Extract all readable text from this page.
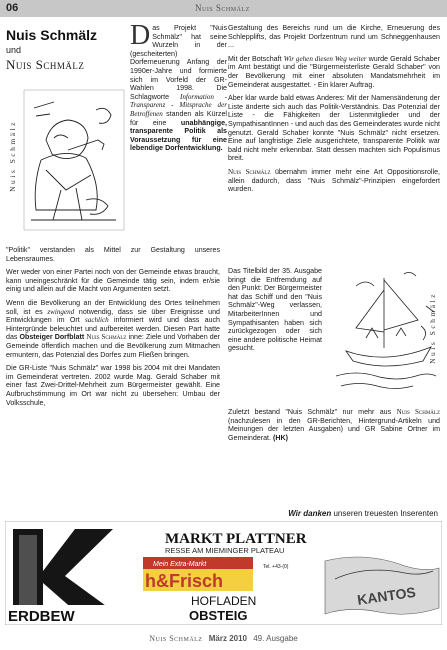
06	Nuis Schmälz
Nuis Schmälz
und
Nuis Schmälz
Nuis Schmälz
D as Projekt "Nuis Schmälz" hat seine Wurzeln in der (gescheiterten) Dorferneuerung Anfang der 1990er-Jahre und formierte sich im Vorfeld der GR-Wahlen 1998. Die Schlagworte Information - Transparenz - Mitsprache der Betroffenen standen als Kürzel für eine unabhängige, transparente Politik als Voraussetzung für eine lebendige Dorfentwicklung.

"Politik" verstanden als Mittel zur Gestaltung unseres Lebensraumes.

Wer weder von einer Partei noch von der Gemeinde etwas braucht, kann uneingeschränkt für die Gemeinde tätig sein, indem er/sie einig und allein auf die Macht von Argumenten setzt.

Wenn die Bevölkerung an der Entwicklung des Ortes teilnehmen soll, ist es zwingend notwendig, dass sie über Ereignisse und Entwicklungen im Ort sachlich informiert wird und dass auch Hintergründe beleuchtet und aufbereitet werden. Diesen Part hatte das Obsteiger Dorfblatt Nuis Schmälz inne: Ziele und Vorhaben der Gemeinde öffentlich machen und die Bevölkerung zum Mitmachen ermuntern, das Potenzial des Dorfes zum Fließen bringen.

Die GR-Liste "Nuis Schmälz" war 1998 bis 2004 mit drei Mandaten im Gemeinderat vertreten. 2002 wurde Mag. Gerald Schaber mit einer fast Zwei-Drittel-Mehrheit zum Bürgermeister gewählt. Eine Aufbruchstimmung im Ort war nicht zu übersehen: Umbau der Volksschule,

Gestaltung des Bereichs rund um die Kirche, Erneuerung des Schlepplifts, das Projekt Dorfzentrum rund um Schneggenhausen ...

Mit der Botschaft Wir gehen diesen Weg weiter wurde Gerald Schaber im Amt bestätigt und die "Bürgermeisterliste Gerald Schaber" von der Bevölkerung mit einer absoluten Mandatsmehrheit im Gemeinderat ausgestattet. - Ein klarer Auftrag.

Aber klar wurde bald etwas Anderes: Mit der Namensänderung der Liste änderte sich auch das Politik-Verständnis. Das Potenzial der Liste - die Fähigkeiten der Listenmitglieder und der SympathisantInnen - und auch das des Gemeinderates wurde nicht genutzt. Gerald Schaber konnte "Nuis Schmälz" nicht ersetzen. Eine auf langfristige Ziele ausgerichtete, transparente Politik war bald nicht mehr erkennbar. Statt dessen machten sich Populismus breit.

Nuis Schmälz übernahm immer mehr eine Art Oppositionsrolle, allein dadurch, dass "Nuis Schmälz"-Prinzipien eingefordert wurden.

Das Titelbild der 35. Ausgabe bringt die Entfremdung auf den Punkt: Der Bürgermeister hat das Schiff und den "Nuis Schmälz"-Weg verlassen, MitarbeiterInnen und Sympathisanten haben sich zurückgezogen oder sich eine andere politische Heimat gesucht.	Nuis Schmälz

Zuletzt bestand "Nuis Schmälz" nur mehr aus Nuis Schmälz (nachzulesen in den GR-Berichten, Hintergrund-Artikeln und Meinungen der letzten Ausgaben) und GR Sabine Ortner im Gemeinderat. (HK)

Wir danken unseren treuesten Inserenten
ERDBEW
MARKT PLATTNER
RESSE AM MIEMINGER PLATEAU
Mein Extra-Markt
h&Frisch
HOFLADEN
OBSTEIG
Tel. +43-(0)
KANTOS
Nuis Schmälz März 2010 49. Ausgabe
